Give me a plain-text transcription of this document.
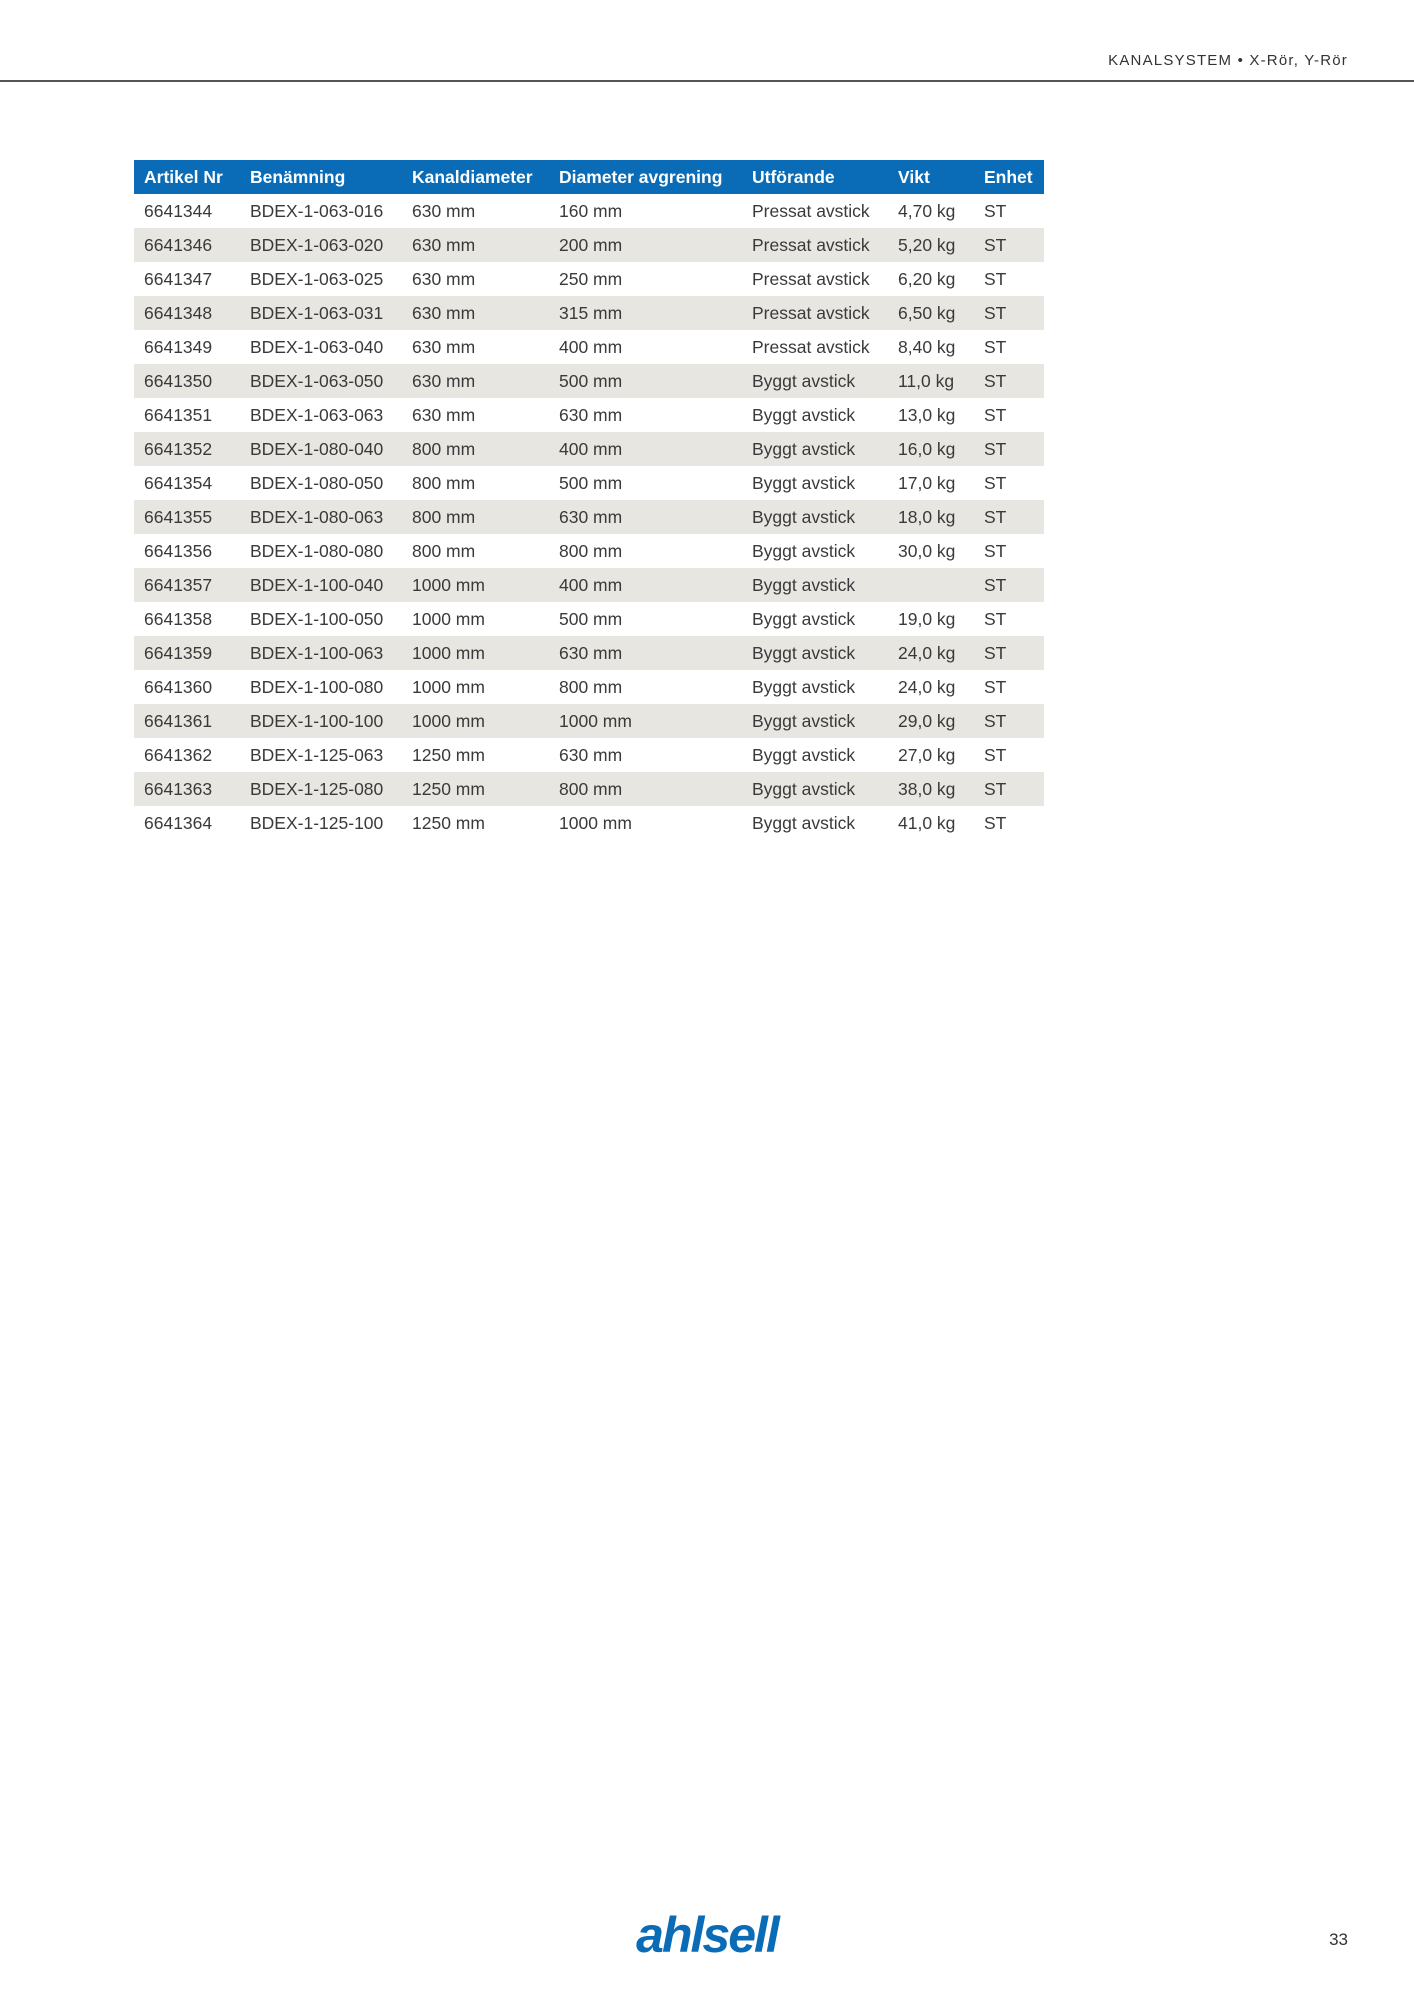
KANALSYSTEM • X-Rör, Y-Rör
Artikel Nr	Benämning	Kanaldiameter	Diameter avgrening	Utförande	Vikt	Enhet
6641344	BDEX-1-063-016	630 mm	160 mm	Pressat avstick	4,70 kg	ST
6641346	BDEX-1-063-020	630 mm	200 mm	Pressat avstick	5,20 kg	ST
6641347	BDEX-1-063-025	630 mm	250 mm	Pressat avstick	6,20 kg	ST
6641348	BDEX-1-063-031	630 mm	315 mm	Pressat avstick	6,50 kg	ST
6641349	BDEX-1-063-040	630 mm	400 mm	Pressat avstick	8,40 kg	ST
6641350	BDEX-1-063-050	630 mm	500 mm	Byggt avstick	11,0 kg	ST
6641351	BDEX-1-063-063	630 mm	630 mm	Byggt avstick	13,0 kg	ST
6641352	BDEX-1-080-040	800 mm	400 mm	Byggt avstick	16,0 kg	ST
6641354	BDEX-1-080-050	800 mm	500 mm	Byggt avstick	17,0 kg	ST
6641355	BDEX-1-080-063	800 mm	630 mm	Byggt avstick	18,0 kg	ST
6641356	BDEX-1-080-080	800 mm	800 mm	Byggt avstick	30,0 kg	ST
6641357	BDEX-1-100-040	1000 mm	400 mm	Byggt avstick		ST
6641358	BDEX-1-100-050	1000 mm	500 mm	Byggt avstick	19,0 kg	ST
6641359	BDEX-1-100-063	1000 mm	630 mm	Byggt avstick	24,0 kg	ST
6641360	BDEX-1-100-080	1000 mm	800 mm	Byggt avstick	24,0 kg	ST
6641361	BDEX-1-100-100	1000 mm	1000 mm	Byggt avstick	29,0 kg	ST
6641362	BDEX-1-125-063	1250 mm	630 mm	Byggt avstick	27,0 kg	ST
6641363	BDEX-1-125-080	1250 mm	800 mm	Byggt avstick	38,0 kg	ST
6641364	BDEX-1-125-100	1250 mm	1000 mm	Byggt avstick	41,0 kg	ST
ahlsell	33
